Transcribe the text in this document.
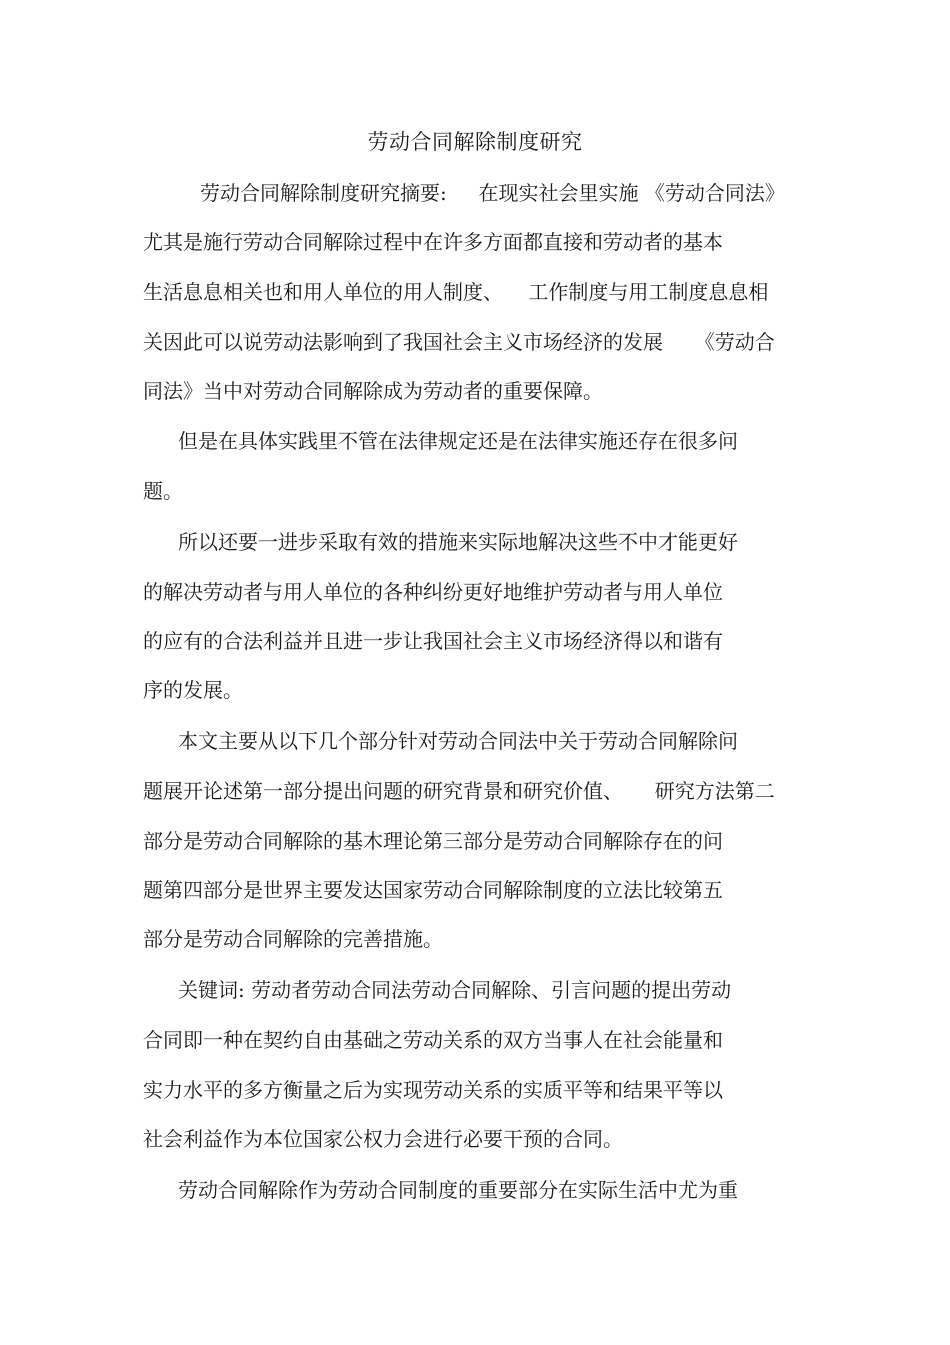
劳动合同解除制度研究
劳动合同解除制度研究摘要:     在现实社会里实施 《劳动合同法》
尤其是施行劳动合同解除过程中在许多方面都直接和劳动者的基本
生活息息相关也和用人单位的用人制度、    工作制度与用工制度息息相
关因此可以说劳动法影响到了我国社会主义市场经济的发展     《劳动合
同法》当中对劳动合同解除成为劳动者的重要保障。
但是在具体实践里不管在法律规定还是在法律实施还存在很多问
题。
所以还要一进步采取有效的措施来实际地解决这些不中才能更好
的解决劳动者与用人单位的各种纠纷更好地维护劳动者与用人单位
的应有的合法利益并且进一步让我国社会主义市场经济得以和谐有
序的发展。
本文主要从以下几个部分针对劳动合同法中关于劳动合同解除问
题展开论述第一部分提出问题的研究背景和研究价值、     研究方法第二
部分是劳动合同解除的基木理论第三部分是劳动合同解除存在的问
题第四部分是世界主要发达国家劳动合同解除制度的立法比较第五
部分是劳动合同解除的完善措施。
关键词: 劳动者劳动合同法劳动合同解除、引言问题的提出劳动
合同即一种在契约自由基础之劳动关系的双方当事人在社会能量和
实力水平的多方衡量之后为实现劳动关系的实质平等和结果平等以
社会利益作为本位国家公权力会进行必要干预的合同。
劳动合同解除作为劳动合同制度的重要部分在实际生活中尤为重
